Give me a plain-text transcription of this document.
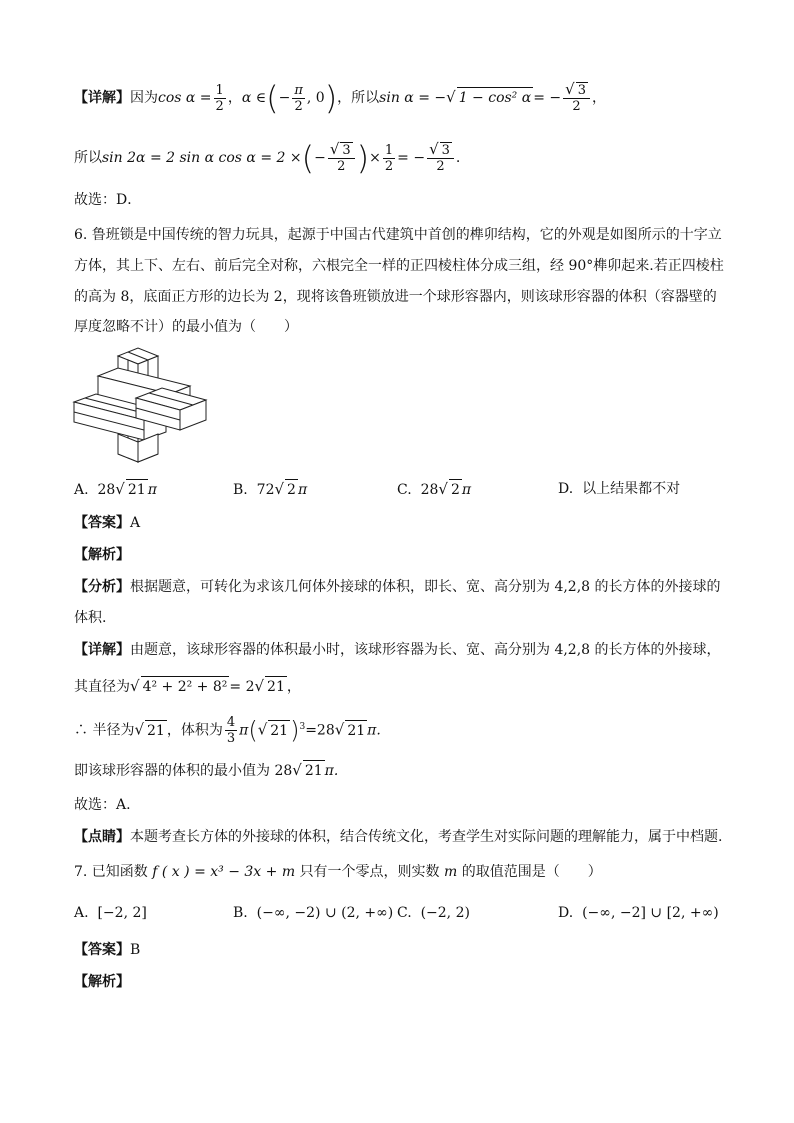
【详解】因为$\cos \alpha = \frac{1}{2}$ ，α ∈(− $\frac{\pi}{2}$ , 0)，所以sin α = −√ 1 − cos² α = − $\frac{√ 3}{2}$ ，
所以sin 2α = 2 sin α cos α = 2 ×(− $\frac{√ 3}{2}$ )× $\frac{1}{2}$ = − $\frac{√ 3}{2}$ .
故选：D．
6. 鲁班锁是中国传统的智力玩具，起源于中国古代建筑中首创的榫卯结构，它的外观是如图所示的十字立
方体，其上下、左右、前后完全对称，六根完全一样的正四棱柱体分成三组，经 90°榫卯起来.若正四棱柱
的高为 8，底面正方形的边长为 2，现将该鲁班锁放进一个球形容器内，则该球形容器的体积（容器壁的
厚度忽略不计）的最小值为（　　）
A. 28√ 21 π	B. 72√ 2 π	C. 28√ 2 π	D. 以上结果都不对
【答案】A
【解析】
【分析】根据题意，可转化为求该几何体外接球的体积，即长、宽、高分别为 4,2,8 的长方体的外接球的
体积.
【详解】由题意，该球形容器的体积最小时，该球形容器为长、宽、高分别为 4,2,8 的长方体的外接球，
其直径为√ 4² + 2² + 8² = 2√ 21 ，
∴ 半径为√ 21 ，体积为 $\frac{4}{3} \pi(√$ 21)$^3$=28√ 21 π.
即该球形容器的体积的最小值为 28√ 21 π.
故选：A.
【点睛】本题考查长方体的外接球的体积，结合传统文化，考查学生对实际问题的理解能力，属于中档题.
7. 已知函数 f ( x ) = x³ − 3x + m 只有一个零点，则实数 m 的取值范围是（　　）
A. [−2, 2]	B. (−∞, −2) ∪ (2, +∞) C. (−2, 2)	D. (−∞, −2] ∪ [2, +∞)
【答案】B
【解析】
